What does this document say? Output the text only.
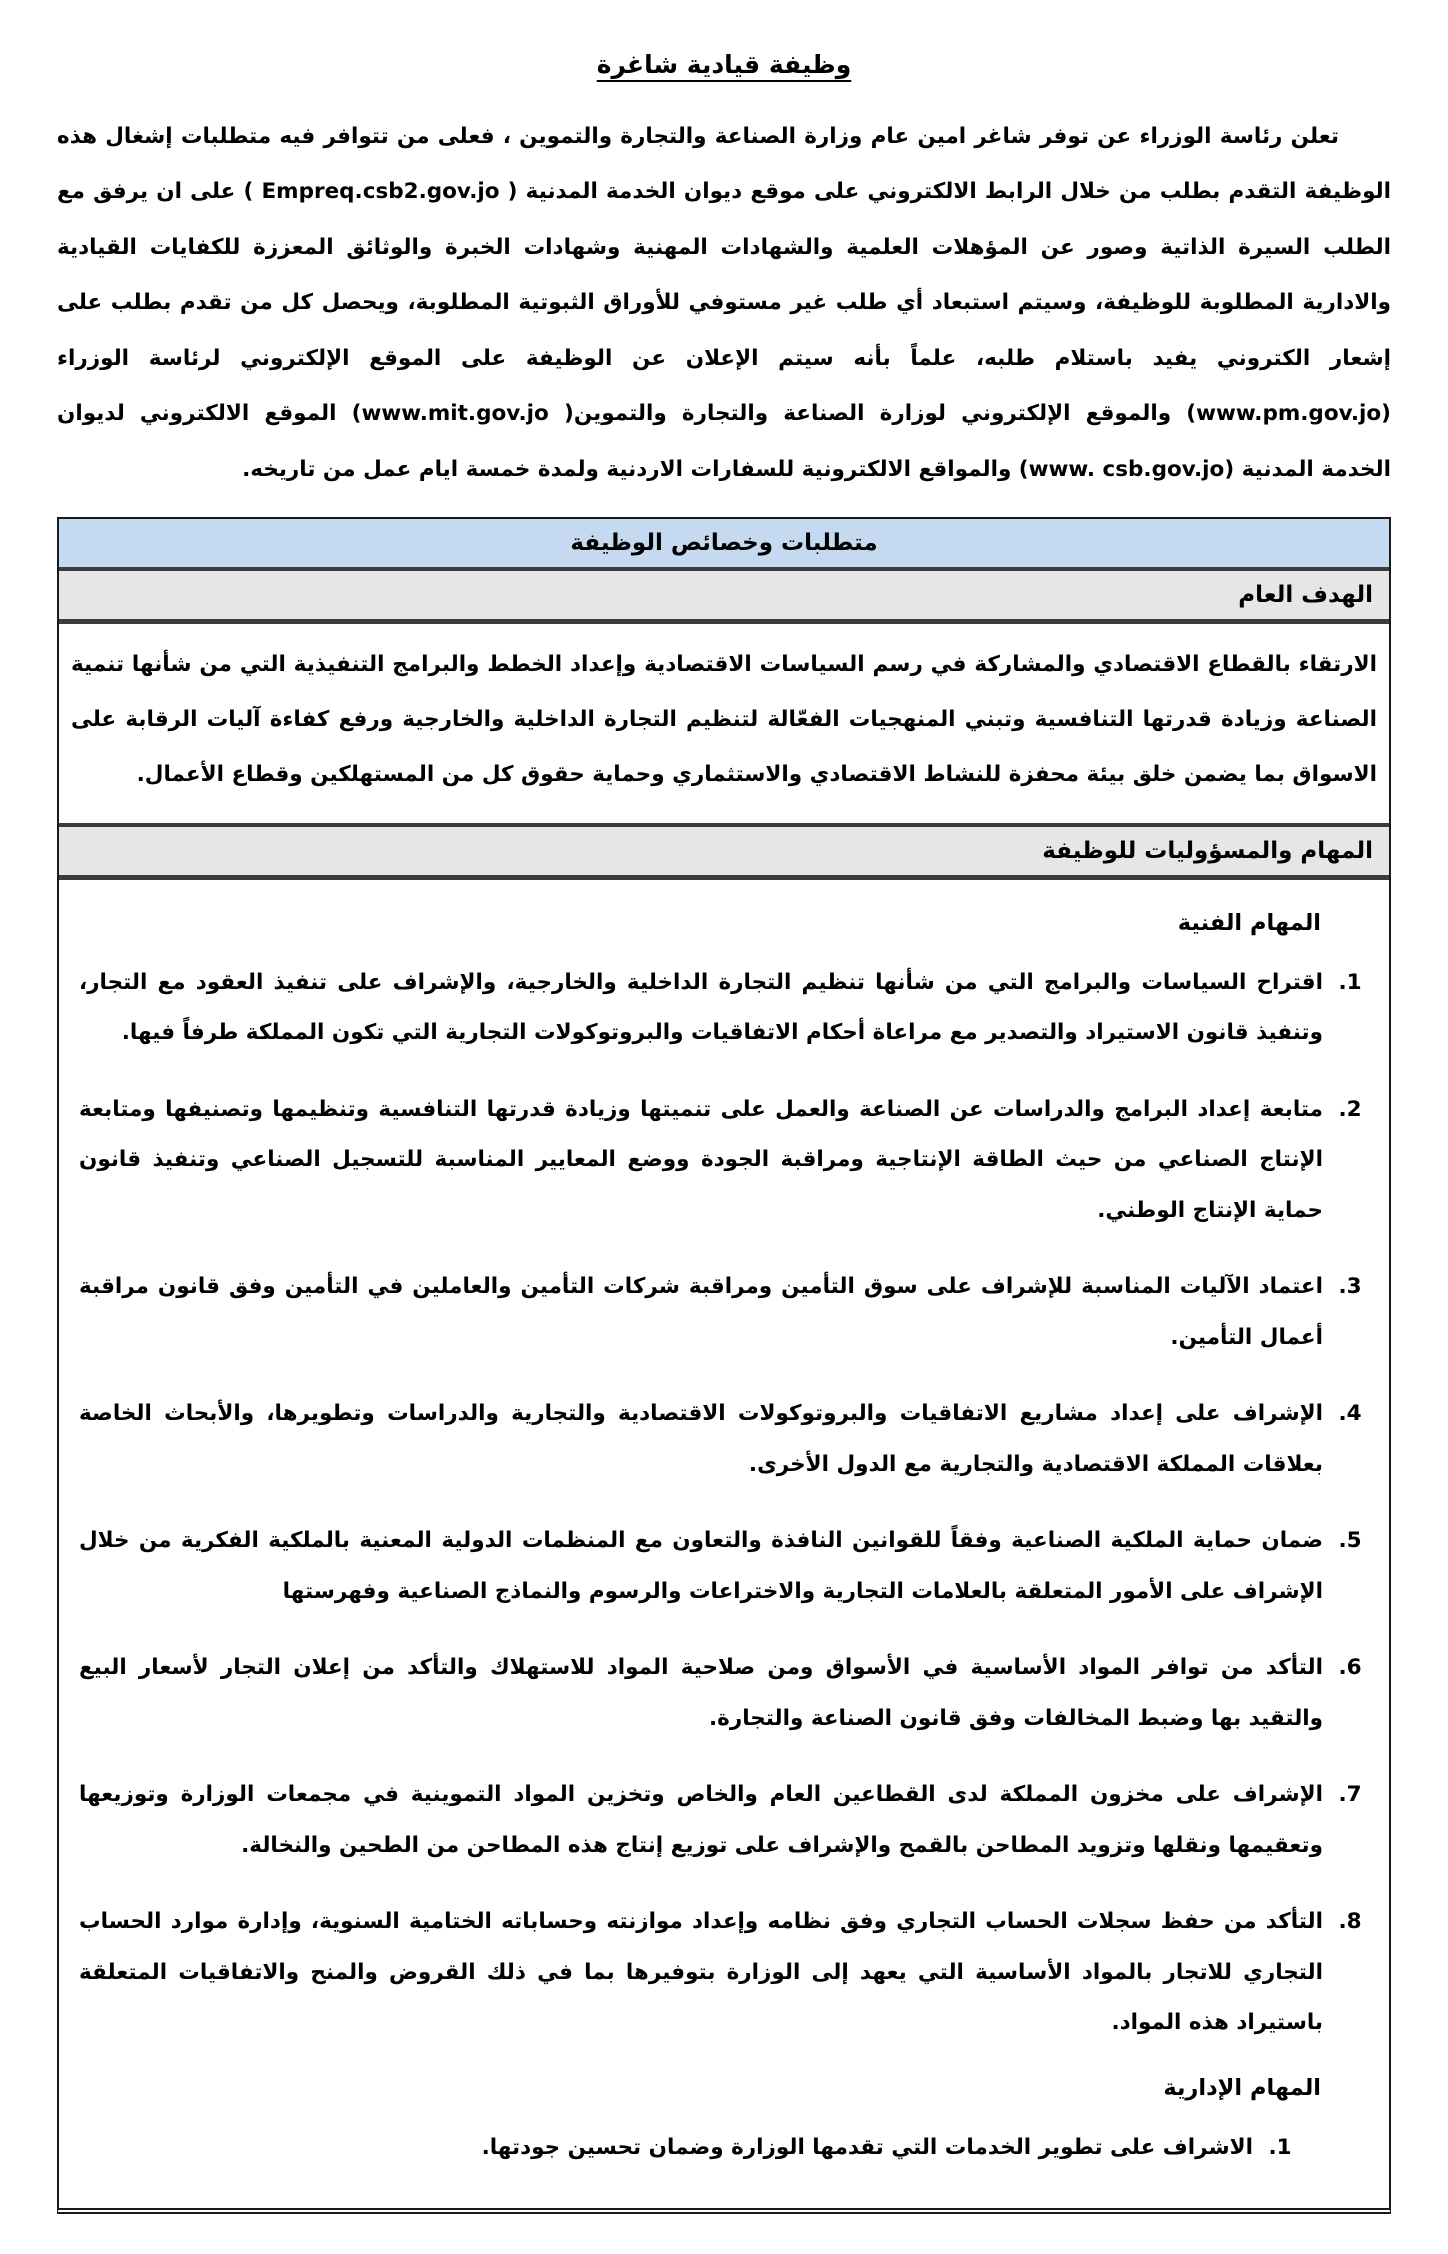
وظيفة قيادية شاغرة

تعلن رئاسة الوزراء عن توفر شاغر امين عام وزارة الصناعة والتجارة والتموين ، فعلى من تتوافر فيه متطلبات إشغال هذه الوظيفة التقدم بطلب من خلال الرابط الالكتروني على موقع ديوان الخدمة المدنية ( Empreq.csb2.gov.jo ) على ان يرفق مع الطلب السيرة الذاتية وصور عن المؤهلات العلمية والشهادات المهنية وشهادات الخبرة والوثائق المعززة للكفايات القيادية والادارية المطلوبة للوظيفة، وسيتم استبعاد أي طلب غير مستوفي للأوراق الثبوتية المطلوبة، ويحصل كل من تقدم بطلب على إشعار الكتروني يفيد باستلام طلبه، علماً بأنه سيتم الإعلان عن الوظيفة على الموقع الإلكتروني لرئاسة الوزراء (www.pm.gov.jo) والموقع الإلكتروني لوزارة الصناعة والتجارة والتموين( www.mit.gov.jo) الموقع الالكتروني لديوان الخدمة المدنية (www. csb.gov.jo) والمواقع الالكترونية للسفارات الاردنية ولمدة خمسة ايام عمل من تاريخه.

متطلبات وخصائص الوظيفة
الهدف العام

الارتقاء بالقطاع الاقتصادي والمشاركة في رسم السياسات الاقتصادية وإعداد الخطط والبرامج التنفيذية التي من شأنها تنمية الصناعة وزيادة قدرتها التنافسية وتبني المنهجيات الفعّالة لتنظيم التجارة الداخلية والخارجية ورفع كفاءة آليات الرقابة على الاسواق بما يضمن خلق بيئة محفزة للنشاط الاقتصادي والاستثماري وحماية حقوق كل من المستهلكين وقطاع الأعمال.

المهام والمسؤوليات للوظيفة
المهام الفنية
1. اقتراح السياسات والبرامج التي من شأنها تنظيم التجارة الداخلية والخارجية، والإشراف على تنفيذ العقود مع التجار، وتنفيذ قانون الاستيراد والتصدير مع مراعاة أحكام الاتفاقيات والبروتوكولات التجارية التي تكون المملكة طرفاً فيها.
2. متابعة إعداد البرامج والدراسات عن الصناعة والعمل على تنميتها وزيادة قدرتها التنافسية وتنظيمها وتصنيفها ومتابعة الإنتاج الصناعي من حيث الطاقة الإنتاجية ومراقبة الجودة ووضع المعايير المناسبة للتسجيل الصناعي وتنفيذ قانون حماية الإنتاج الوطني.
3. اعتماد الآليات المناسبة للإشراف على سوق التأمين ومراقبة شركات التأمين والعاملين في التأمين وفق قانون مراقبة أعمال التأمين.
4. الإشراف على إعداد مشاريع الاتفاقيات والبروتوكولات الاقتصادية والتجارية والدراسات وتطويرها، والأبحاث الخاصة بعلاقات المملكة الاقتصادية والتجارية مع الدول الأخرى.
5. ضمان حماية الملكية الصناعية وفقاً للقوانين النافذة والتعاون مع المنظمات الدولية المعنية بالملكية الفكرية من خلال الإشراف على الأمور المتعلقة بالعلامات التجارية والاختراعات والرسوم والنماذج الصناعية وفهرستها
6. التأكد من توافر المواد الأساسية في الأسواق ومن صلاحية المواد للاستهلاك والتأكد من إعلان التجار لأسعار البيع والتقيد بها وضبط المخالفات وفق قانون الصناعة والتجارة.
7. الإشراف على مخزون المملكة لدى القطاعين العام والخاص وتخزين المواد التموينية في مجمعات الوزارة وتوزيعها وتعقيمها ونقلها وتزويد المطاحن بالقمح والإشراف على توزيع إنتاج هذه المطاحن من الطحين والنخالة.
8. التأكد من حفظ سجلات الحساب التجاري وفق نظامه وإعداد موازنته وحساباته الختامية السنوية، وإدارة موارد الحساب التجاري للاتجار بالمواد الأساسية التي يعهد إلى الوزارة بتوفيرها بما في ذلك القروض والمنح والاتفاقيات المتعلقة باستيراد هذه المواد.
المهام الإدارية
1. الاشراف على تطوير الخدمات التي تقدمها الوزارة وضمان تحسين جودتها.
